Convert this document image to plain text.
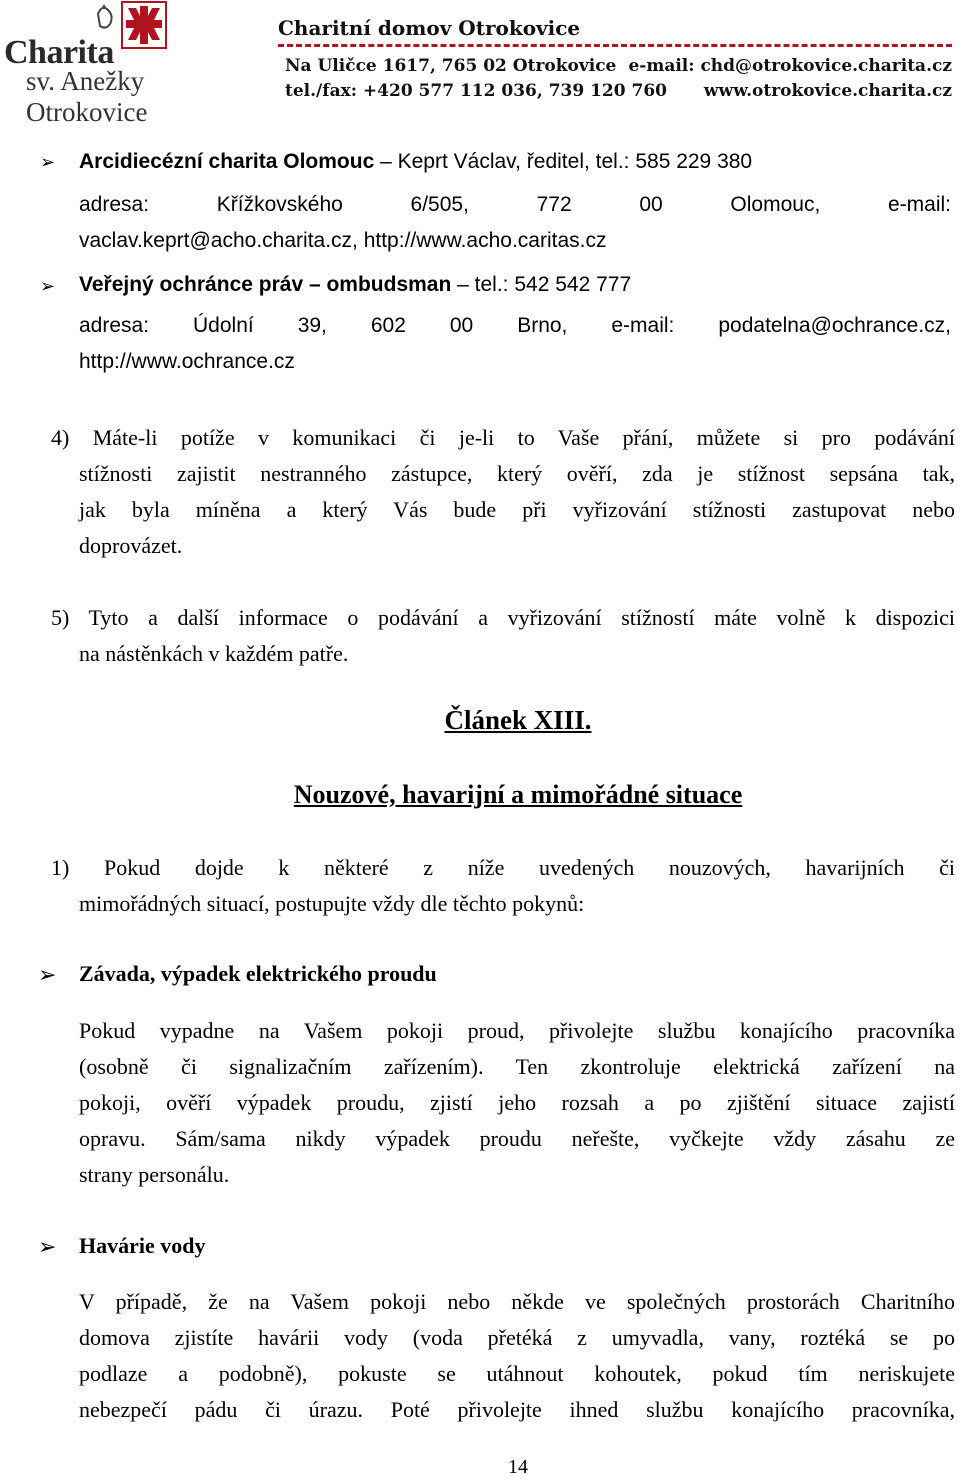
Charita
sv. Anežky Otrokovice
Charitní domov Otrokovice
Na Uličce 1617, 765 02 Otrokovice
tel./fax: +420 577 112 036, 739 120 760
e-mail: chd@otrokovice.charita.cz
www.otrokovice.charita.cz
➢ Arcidiecézní charita Olomouc – Keprt Václav, ředitel, tel.: 585 229 380
adresa: Křížkovského 6/505, 772 00 Olomouc, e-mail:
vaclav.keprt@acho.charita.cz, http://www.acho.caritas.cz
➢ Veřejný ochránce práv – ombudsman – tel.: 542 542 777
adresa: Údolní 39, 602 00 Brno, e-mail: podatelna@ochrance.cz,
http://www.ochrance.cz
4) Máte-li potíže v komunikaci či je-li to Vaše přání, můžete si pro podávání
stížnosti zajistit nestranného zástupce, který ověří, zda je stížnost sepsána tak,
jak byla míněna a který Vás bude při vyřizování stížnosti zastupovat nebo
doprovázet.
5) Tyto a další informace o podávání a vyřizování stížností máte volně k dispozici
na nástěnkách v každém patře.
Článek XIII.
Nouzové, havarijní a mimořádné situace
1) Pokud dojde k některé z níže uvedených nouzových, havarijních či
mimořádných situací, postupujte vždy dle těchto pokynů:
➢ Závada, výpadek elektrického proudu
Pokud vypadne na Vašem pokoji proud, přivolejte službu konajícího pracovníka
(osobně či signalizačním zařízením). Ten zkontroluje elektrická zařízení na
pokoji, ověří výpadek proudu, zjistí jeho rozsah a po zjištění situace zajistí
opravu. Sám/sama nikdy výpadek proudu neřešte, vyčkejte vždy zásahu ze
strany personálu.
➢ Havárie vody
V případě, že na Vašem pokoji nebo někde ve společných prostorách Charitního
domova zjistíte havárii vody (voda přetéká z umyvadla, vany, roztéká se po
podlaze a podobně), pokuste se utáhnout kohoutek, pokud tím neriskujete
nebezpečí pádu či úrazu. Poté přivolejte ihned službu konajícího pracovníka,
14
